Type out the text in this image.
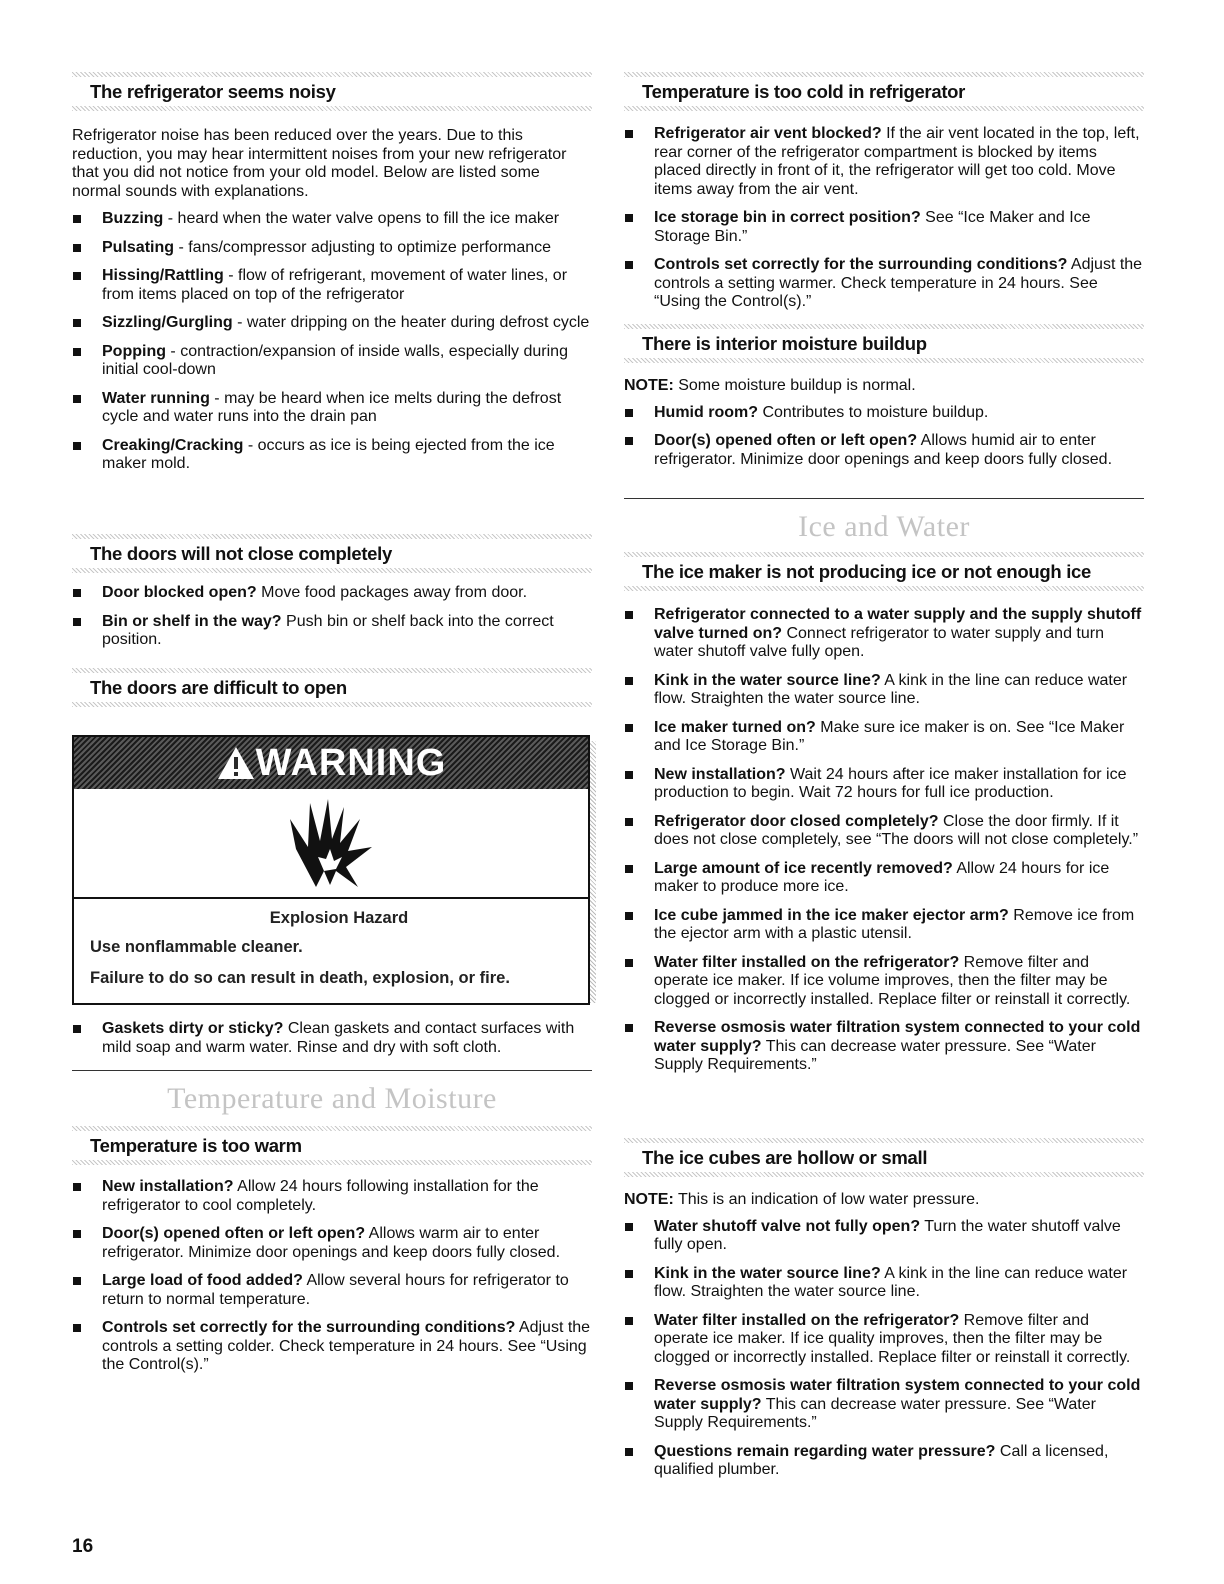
The refrigerator seems noisy

Refrigerator noise has been reduced over the years. Due to this reduction, you may hear intermittent noises from your new refrigerator that you did not notice from your old model. Below are listed some normal sounds with explanations.

Buzzing - heard when the water valve opens to fill the ice maker
Pulsating - fans/compressor adjusting to optimize performance
Hissing/Rattling - flow of refrigerant, movement of water lines, or from items placed on top of the refrigerator
Sizzling/Gurgling - water dripping on the heater during defrost cycle
Popping - contraction/expansion of inside walls, especially during initial cool-down
Water running - may be heard when ice melts during the defrost cycle and water runs into the drain pan
Creaking/Cracking - occurs as ice is being ejected from the ice maker mold.
The doors will not close completely
Door blocked open? Move food packages away from door.
Bin or shelf in the way? Push bin or shelf back into the correct position.
The doors are difficult to open
WARNING
Explosion Hazard
Use nonflammable cleaner.
Failure to do so can result in death, explosion, or fire.
Gaskets dirty or sticky? Clean gaskets and contact surfaces with mild soap and warm water. Rinse and dry with soft cloth.
Temperature and Moisture
Temperature is too warm
New installation? Allow 24 hours following installation for the refrigerator to cool completely.
Door(s) opened often or left open? Allows warm air to enter refrigerator. Minimize door openings and keep doors fully closed.
Large load of food added? Allow several hours for refrigerator to return to normal temperature.
Controls set correctly for the surrounding conditions? Adjust the controls a setting colder. Check temperature in 24 hours. See “Using the Control(s).”
Temperature is too cold in refrigerator
Refrigerator air vent blocked? If the air vent located in the top, left, rear corner of the refrigerator compartment is blocked by items placed directly in front of it, the refrigerator will get too cold. Move items away from the air vent.
Ice storage bin in correct position? See “Ice Maker and Ice Storage Bin.”
Controls set correctly for the surrounding conditions? Adjust the controls a setting warmer. Check temperature in 24 hours. See “Using the Control(s).”
There is interior moisture buildup

NOTE: Some moisture buildup is normal.

Humid room? Contributes to moisture buildup.
Door(s) opened often or left open? Allows humid air to enter refrigerator. Minimize door openings and keep doors fully closed.
Ice and Water
The ice maker is not producing ice or not enough ice
Refrigerator connected to a water supply and the supply shutoff valve turned on? Connect refrigerator to water supply and turn water shutoff valve fully open.
Kink in the water source line? A kink in the line can reduce water flow. Straighten the water source line.
Ice maker turned on? Make sure ice maker is on. See “Ice Maker and Ice Storage Bin.”
New installation? Wait 24 hours after ice maker installation for ice production to begin. Wait 72 hours for full ice production.
Refrigerator door closed completely? Close the door firmly. If it does not close completely, see “The doors will not close completely.”
Large amount of ice recently removed? Allow 24 hours for ice maker to produce more ice.
Ice cube jammed in the ice maker ejector arm? Remove ice from the ejector arm with a plastic utensil.
Water filter installed on the refrigerator? Remove filter and operate ice maker. If ice volume improves, then the filter may be clogged or incorrectly installed. Replace filter or reinstall it correctly.
Reverse osmosis water filtration system connected to your cold water supply? This can decrease water pressure. See “Water Supply Requirements.”
The ice cubes are hollow or small

NOTE: This is an indication of low water pressure.

Water shutoff valve not fully open? Turn the water shutoff valve fully open.
Kink in the water source line? A kink in the line can reduce water flow. Straighten the water source line.
Water filter installed on the refrigerator? Remove filter and operate ice maker. If ice quality improves, then the filter may be clogged or incorrectly installed. Replace filter or reinstall it correctly.
Reverse osmosis water filtration system connected to your cold water supply? This can decrease water pressure. See “Water Supply Requirements.”
Questions remain regarding water pressure? Call a licensed, qualified plumber.
16
